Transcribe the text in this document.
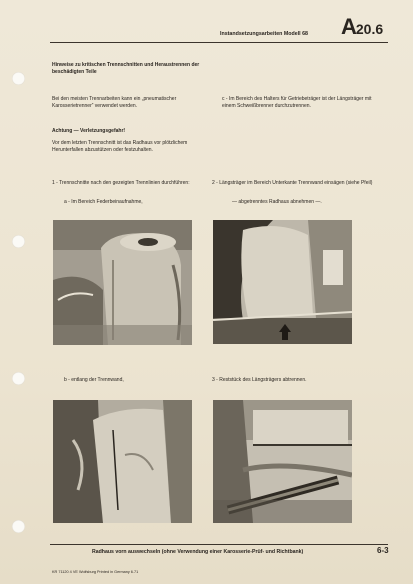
Instandsetzungsarbeiten Modell 68 A20.6
Hinweise zu kritischen Trennschnitten und Heraustrennen der beschädigten Teile
Bei den meisten Trennarbeiten kann ein „pneumatischer Karosserietrenner“ verwendet werden.
Achtung — Verletzungsgefahr!
Vor dem letzten Trennschnitt ist das Radhaus vor plötzlichem Herunterfallen abzustützen oder festzuhalten.
c - Im Bereich des Halters für Getriebeträger ist der Längsträger mit einem Schweißbrenner durchzutrennen.
1 - Trennschnitte nach den gezeigten Trennlinien durchführen:
a - Im Bereich Federbeinaufnahme,
2 - Längsträger im Bereich Unterkante Trennwand einsägen (siehe Pfeil)
— abgetrenntes Radhaus abnehmen —.
b - entlang der Trennwand,	3 - Reststück des Längsträgers abtrennen.
Radhaus vorn auswechseln (ohne Verwendung einer Karosserie-Prüf- und Richtbank)	6-3
KR 71120 4 VE Wolfsburg Printed in Germany 6.71
